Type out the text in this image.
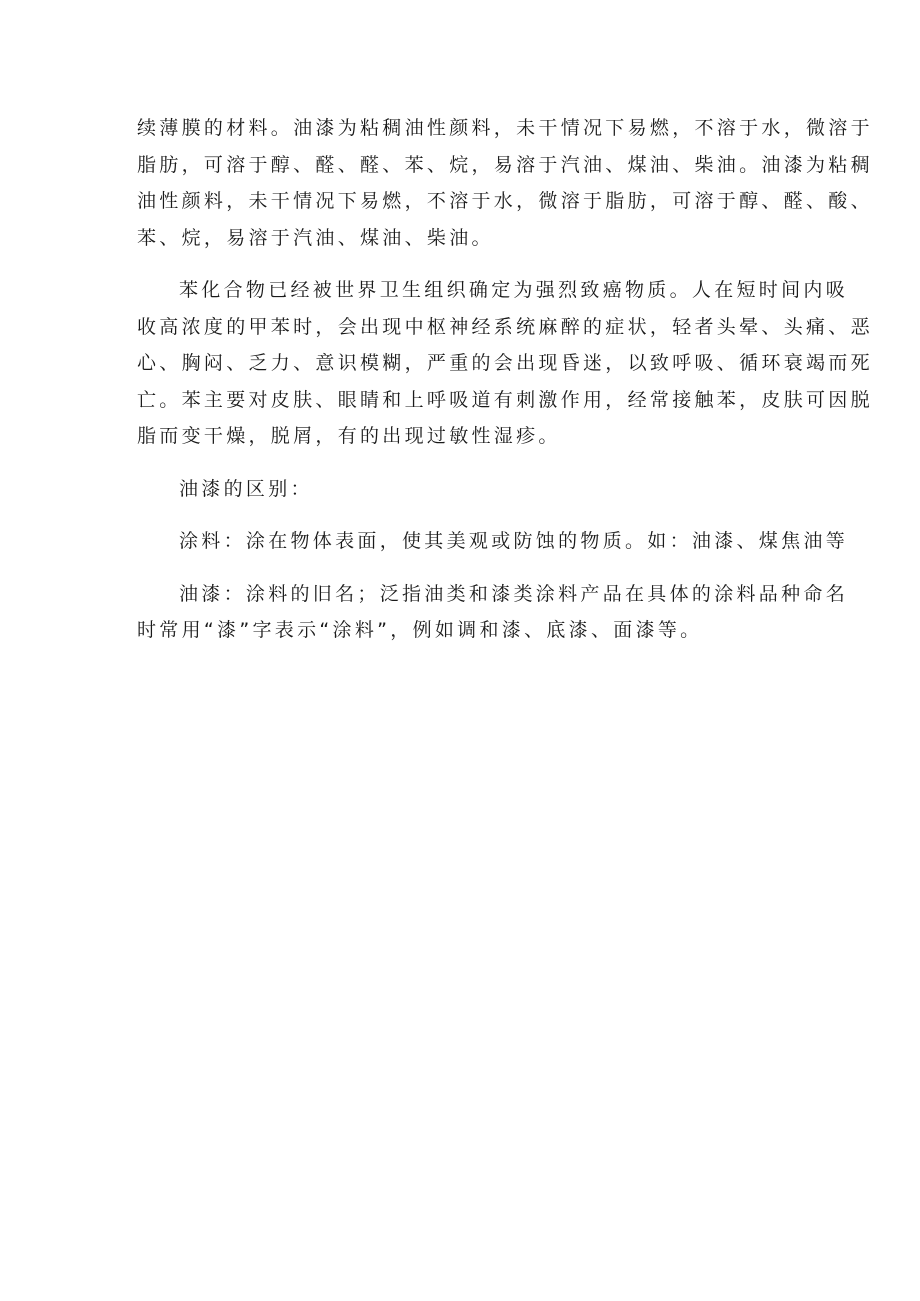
续薄膜的材料。油漆为粘稠油性颜料，未干情况下易燃，不溶于水，微溶于
脂肪，可溶于醇、醛、醛、苯、烷，易溶于汽油、煤油、柴油。油漆为粘稠
油性颜料，未干情况下易燃，不溶于水，微溶于脂肪，可溶于醇、醛、酸、
苯、烷，易溶于汽油、煤油、柴油。

苯化合物已经被世界卫生组织确定为强烈致癌物质。人在短时间内吸
收高浓度的甲苯时，会出现中枢神经系统麻醉的症状，轻者头晕、头痛、恶
心、胸闷、乏力、意识模糊，严重的会出现昏迷，以致呼吸、循环衰竭而死
亡。苯主要对皮肤、眼睛和上呼吸道有刺激作用，经常接触苯，皮肤可因脱
脂而变干燥，脱屑，有的出现过敏性湿疹。

油漆的区别：

涂料：涂在物体表面，使其美观或防蚀的物质。如：油漆、煤焦油等

油漆：涂料的旧名；泛指油类和漆类涂料产品在具体的涂料品种命名
时常用“漆”字表示“涂料”，例如调和漆、底漆、面漆等。
